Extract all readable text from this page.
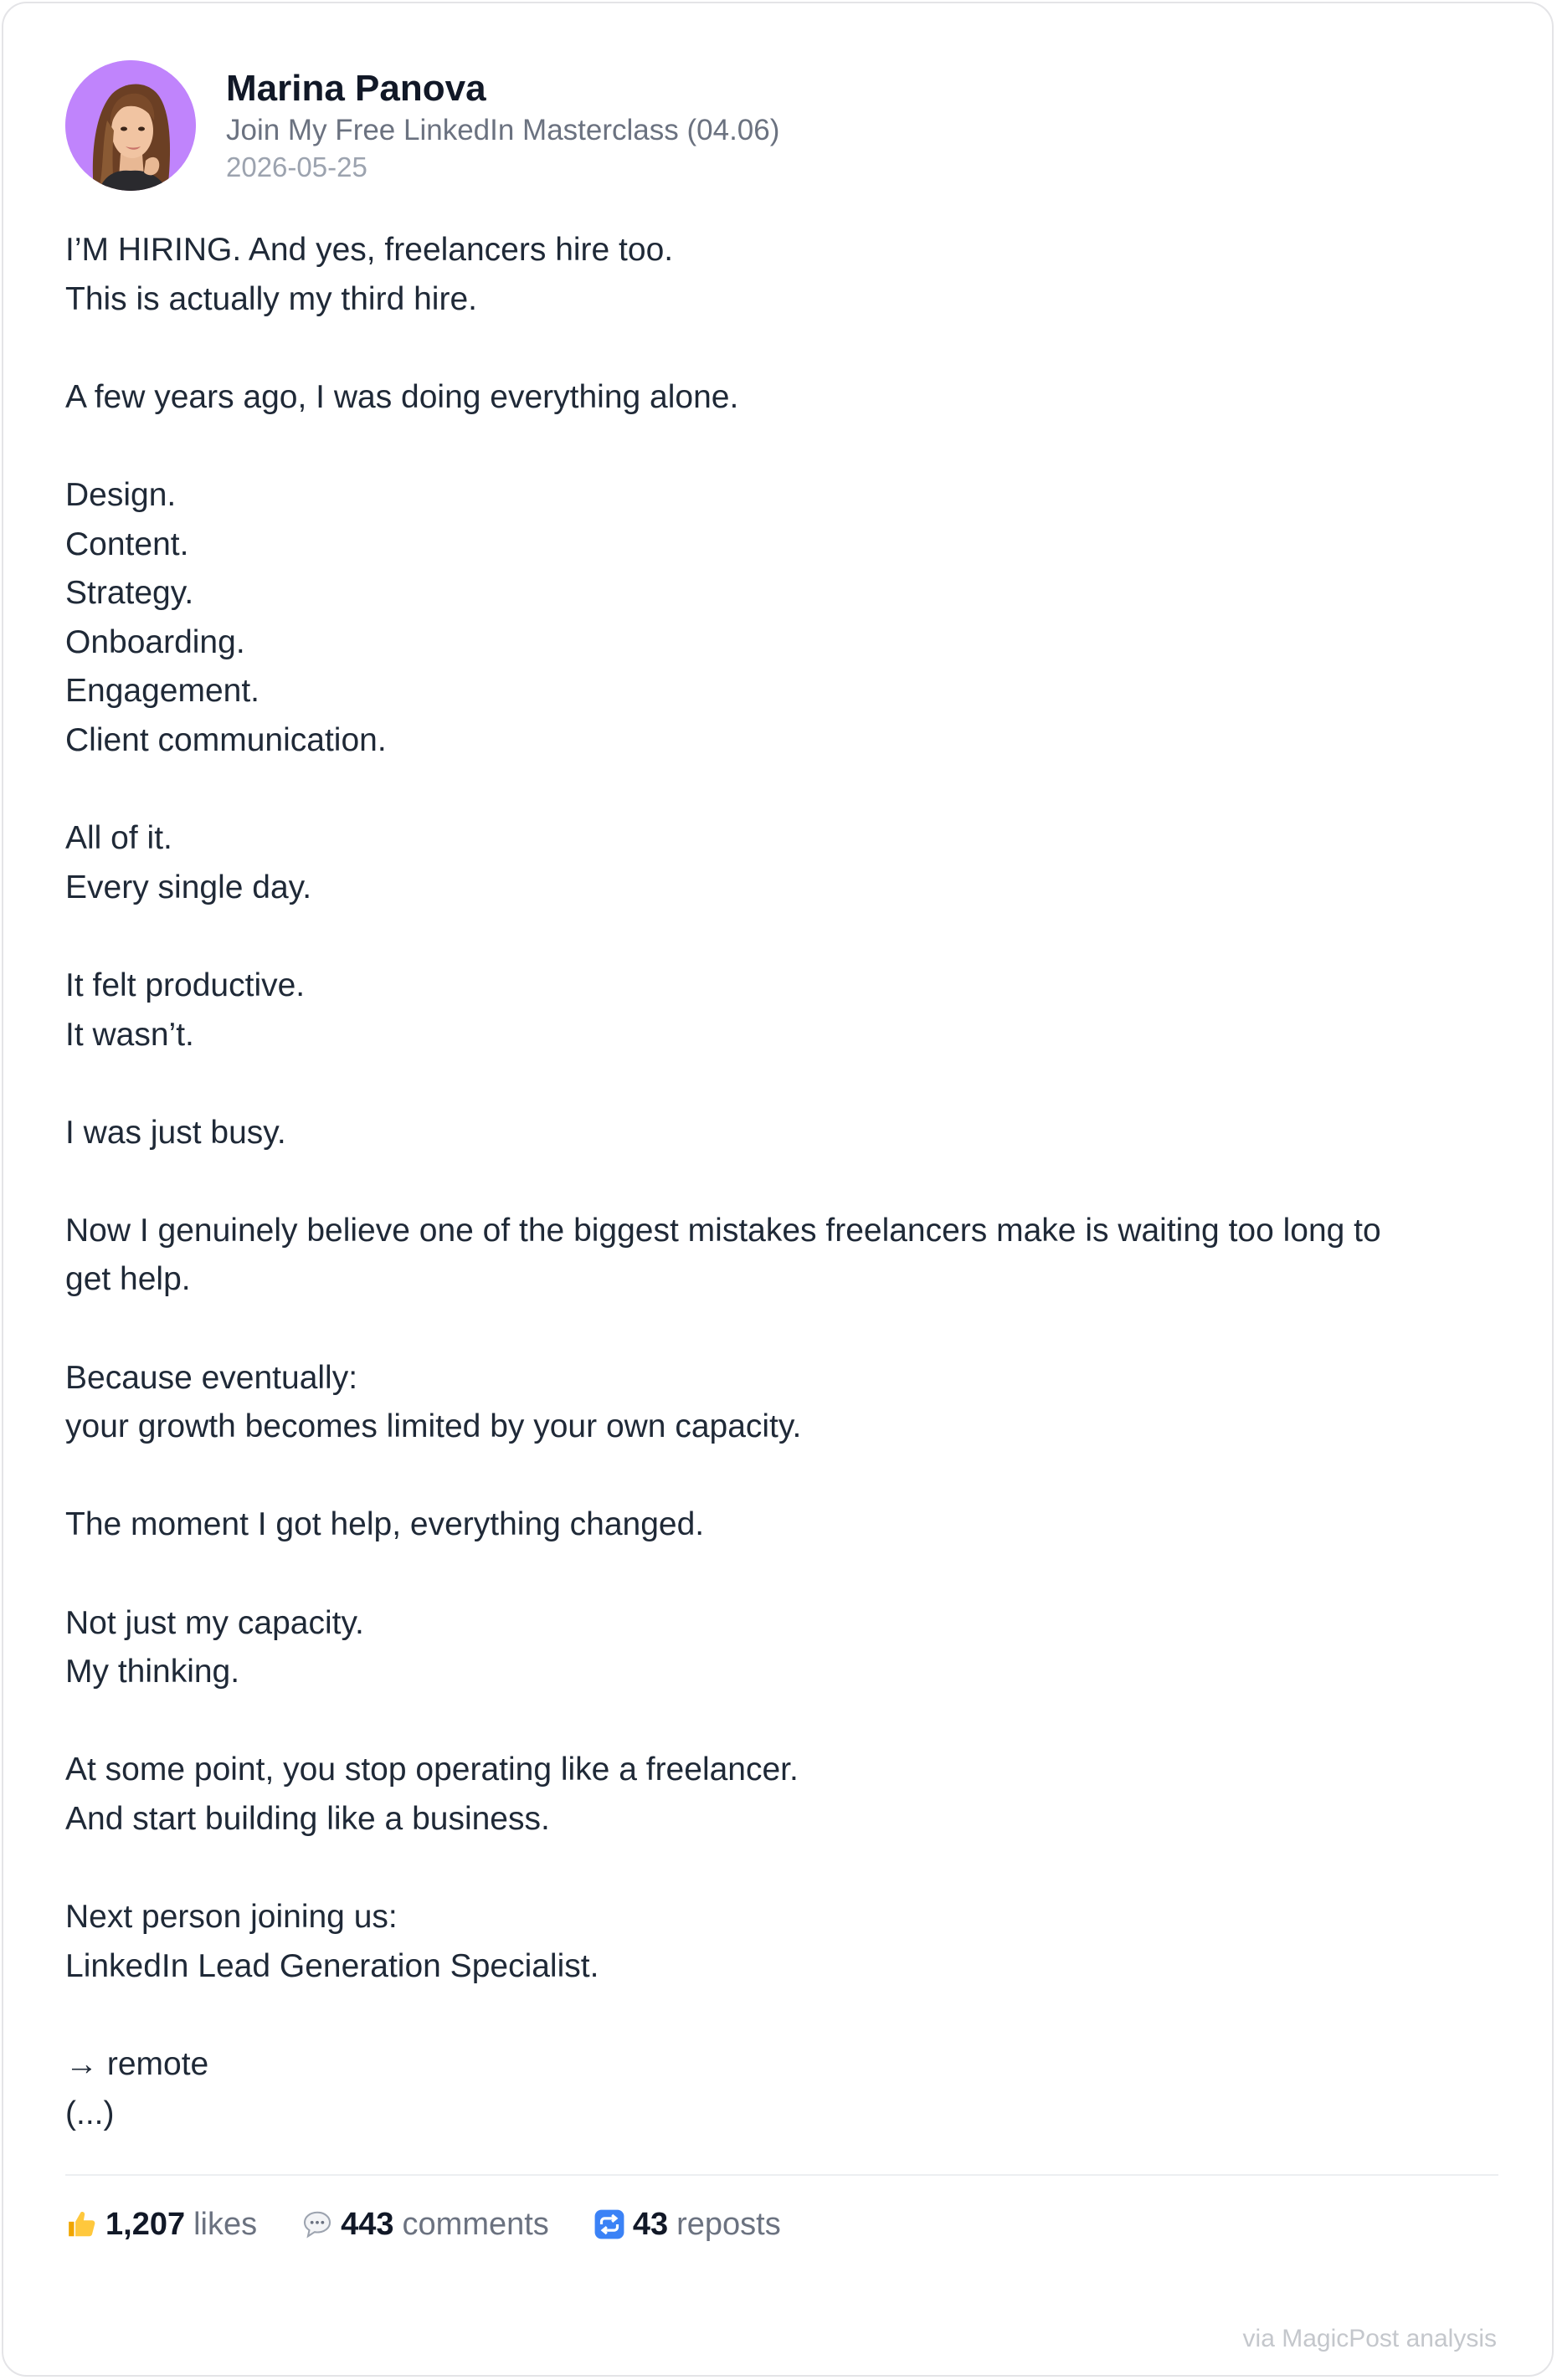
Marina Panova
Join My Free LinkedIn Masterclass (04.06)
2026-05-25
I’M HIRING. And yes, freelancers hire too.
This is actually my third hire.
A few years ago, I was doing everything alone.
Design.
Content.
Strategy.
Onboarding.
Engagement.
Client communication.
All of it.
Every single day.
It felt productive.
It wasn’t.
I was just busy.
Now I genuinely believe one of the biggest mistakes freelancers make is waiting too long to
get help.
Because eventually:
your growth becomes limited by your own capacity.
The moment I got help, everything changed.
Not just my capacity.
My thinking.
At some point, you stop operating like a freelancer.
And start building like a business.
Next person joining us:
LinkedIn Lead Generation Specialist.
→ remote
(...)
1,207 likes	443 comments	43 reposts
via MagicPost analysis
